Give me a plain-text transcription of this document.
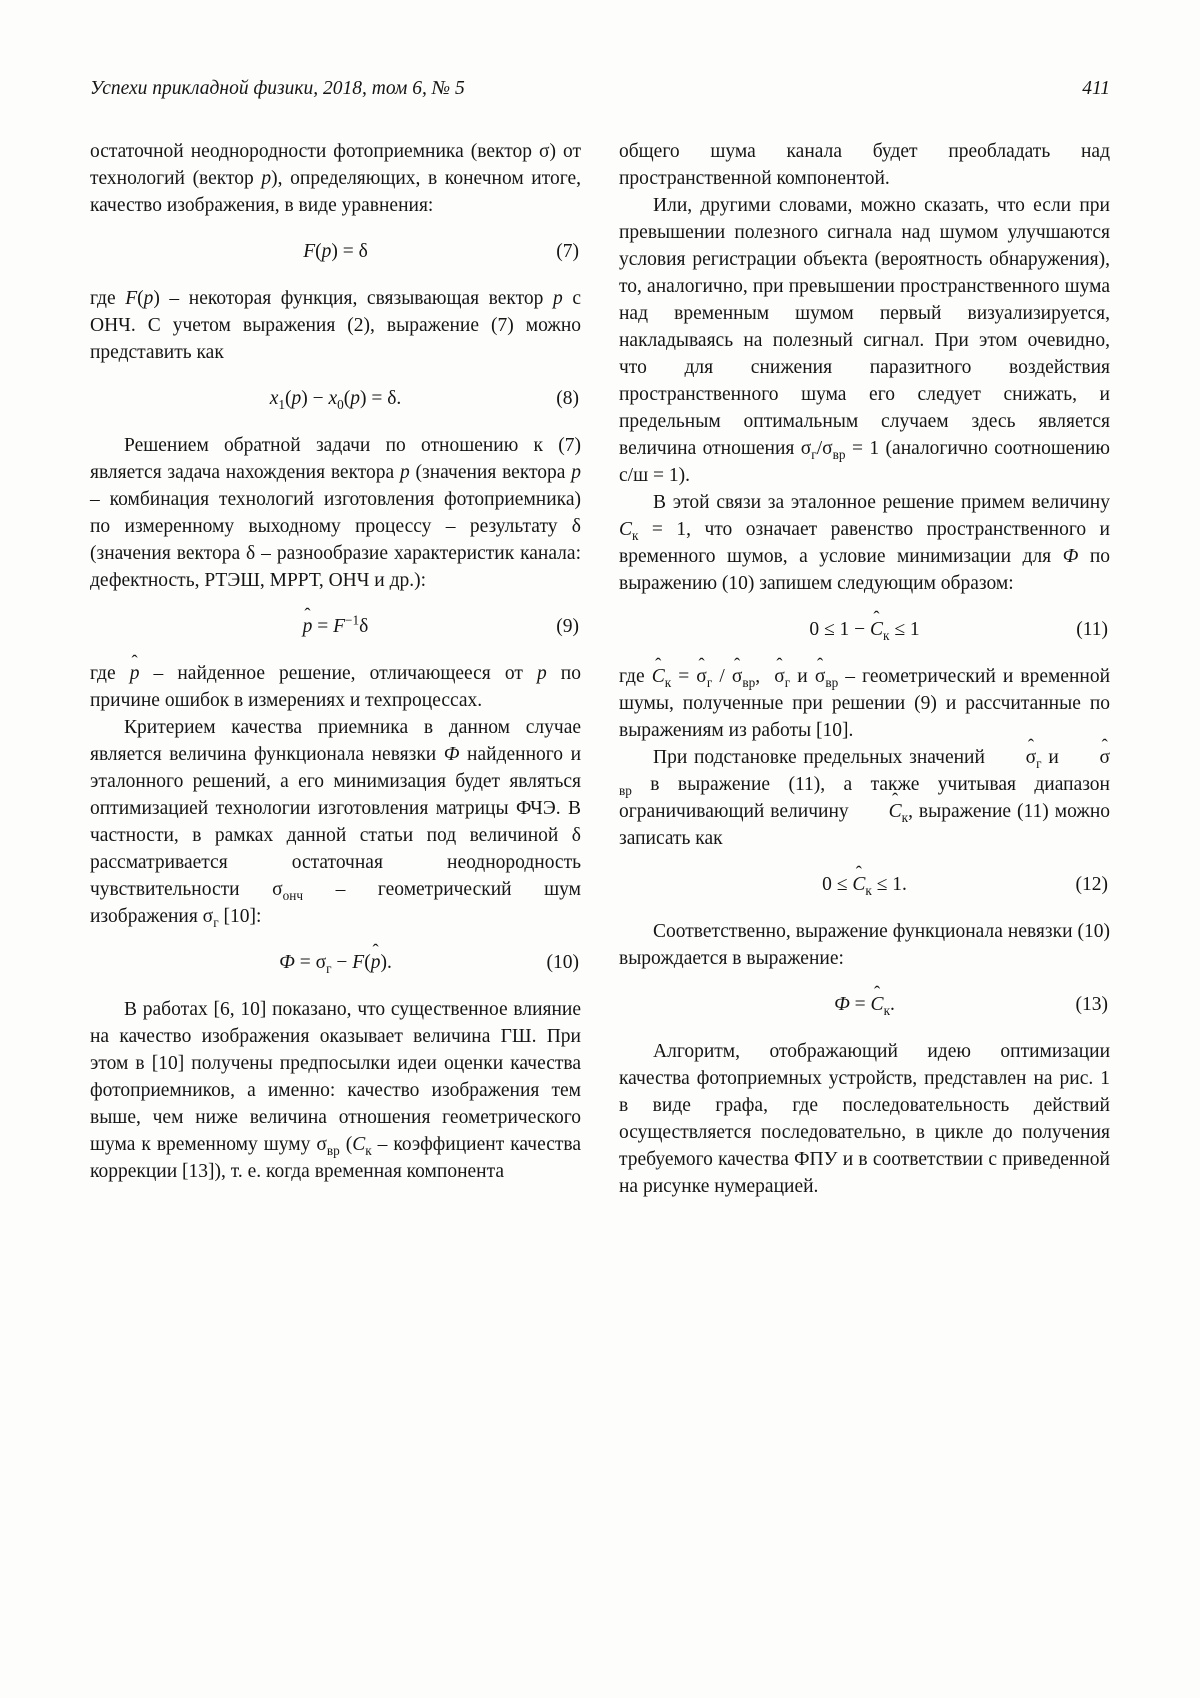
Успехи прикладной физики, 2018, том 6, № 5	411

остаточной неоднородности фотоприемника (вектор σ) от технологий (вектор p), определяющих, в конечном итоге, качество изображения, в виде уравнения:

F(p) = δ	(7)

где F(p) – некоторая функция, связывающая вектор p с ОНЧ. С учетом выражения (2), выражение (7) можно представить как

$x_1(p) - x_0(p) = \delta$.	(8)

Решением обратной задачи по отношению к (7) является задача нахождения вектора p (значения вектора p – комбинация технологий изготовления фотоприемника) по измеренному выходному процессу – результату δ (значения вектора δ – разнообразие характеристик канала: дефектность, РТЭШ, МРРТ, ОНЧ и др.):

p ˆ = $F^{-1}\delta$	(9)

где p ˆ – найденное решение, отличающееся от p по причине ошибок в измерениях и техпроцессах.

Критерием качества приемника в данном случае является величина функционала невязки Ф найденного и эталонного решений, а его минимизация будет являться оптимизацией технологии изготовления матрицы ФЧЭ. В частности, в рамках данной статьи под величиной δ рассматривается остаточная неоднородность чувствительности $\sigma_{онч}$ – геометрический шум изображения $\sigma_г$ [10]:

$Ф = \sigma_г - F(p$ ˆ).	(10)

В работах [6, 10] показано, что существенное влияние на качество изображения оказывает величина ГШ. При этом в [10] получены предпосылки идеи оценки качества фотоприемников, а именно: качество изображения тем выше, чем ниже величина отношения геометрического шума к временному шуму $\sigma_{вр}$ ($C_к$ – коэффициент качества коррекции [13]), т. е. когда временная компонента

общего шума канала будет преобладать над пространственной компонентой.

Или, другими словами, можно сказать, что если при превышении полезного сигнала над шумом улучшаются условия регистрации объекта (вероятность обнаружения), то, аналогично, при превышении пространственного шума над временным шумом первый визуализируется, накладываясь на полезный сигнал. При этом очевидно, что для снижения паразитного воздействия пространственного шума его следует снижать, и предельным оптимальным случаем здесь является величина отношения $\sigma_г/\sigma_{вр} = 1$ (аналогично соотношению с/ш = 1).

В этой связи за эталонное решение примем величину $C_к = 1$, что означает равенство пространственного и временного шумов, а условие минимизации для Ф по выражению (10) запишем следующим образом:

0 ≤ 1 − C ˆ$_к$ ≤ 1	(11)

где C ˆ$_к$ = σ ˆ$_г$ / σ ˆ$_{вр}$,  σ ˆ$_г$ и σ ˆ$_{вр}$ – геометрический и временной шумы, полученные при решении (9) и рассчитанные по выражениям из работы [10].

При подстановке предельных значений σ ˆ$_г$ и σ ˆ$_{вр}$ в выражение (11), а также учитывая диапазон ограничивающий величину C ˆ$_к$, выражение (11) можно записать как

0 ≤ C ˆ$_к$ ≤ 1.	(12)

Соответственно, выражение функционала невязки (10) вырождается в выражение:

Ф = C ˆ$_к$.	(13)

Алгоритм, отображающий идею оптимизации качества фотоприемных устройств, представлен на рис. 1 в виде графа, где последовательность действий осуществляется последовательно, в цикле до получения требуемого качества ФПУ и в соответствии с приведенной на рисунке нумерацией.
